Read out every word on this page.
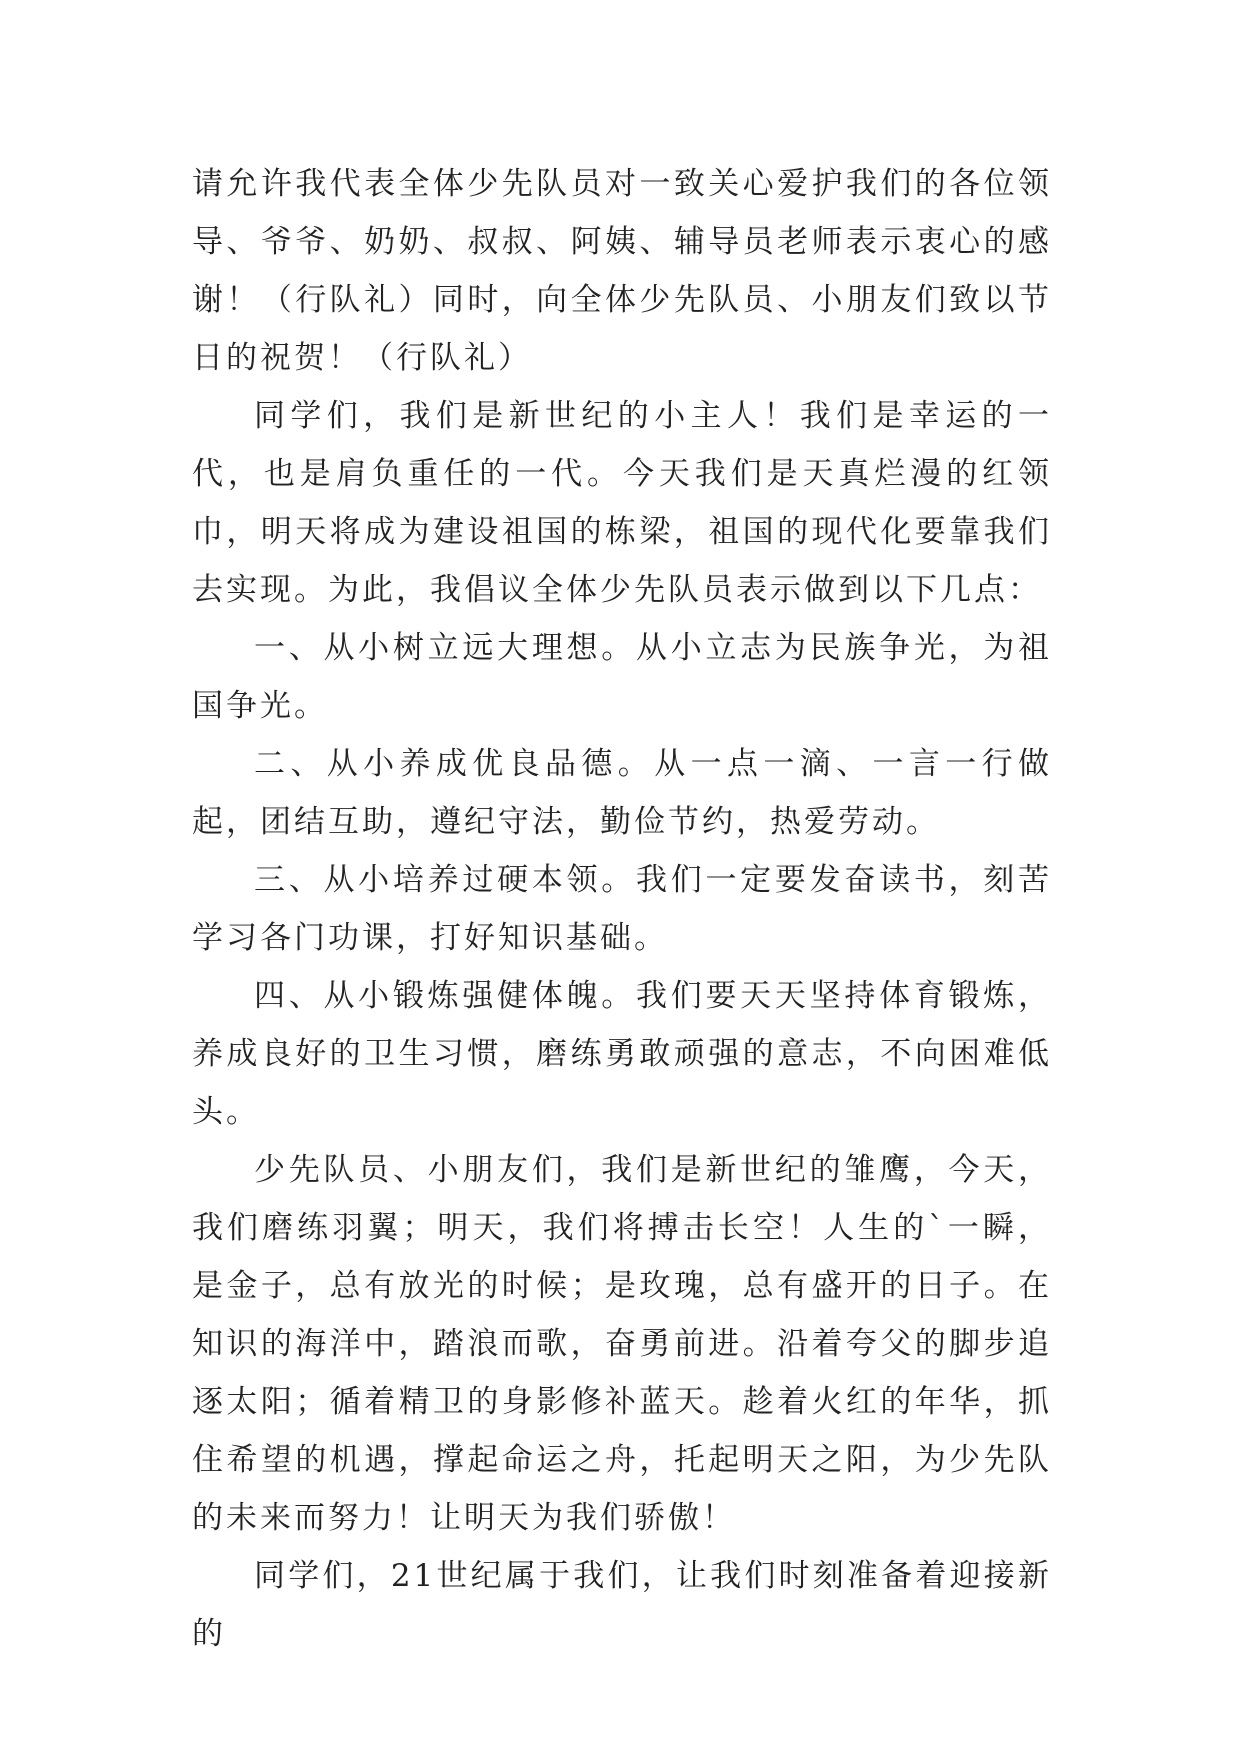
请允许我代表全体少先队员对一致关心爱护我们的各位领导、爷爷、奶奶、叔叔、阿姨、辅导员老师表示衷心的感谢！（行队礼）同时，向全体少先队员、小朋友们致以节日的祝贺！（行队礼）

同学们，我们是新世纪的小主人！我们是幸运的一代，也是肩负重任的一代。今天我们是天真烂漫的红领巾，明天将成为建设祖国的栋梁，祖国的现代化要靠我们去实现。为此，我倡议全体少先队员表示做到以下几点：

一、从小树立远大理想。从小立志为民族争光，为祖国争光。

二、从小养成优良品德。从一点一滴、一言一行做起，团结互助，遵纪守法，勤俭节约，热爱劳动。

三、从小培养过硬本领。我们一定要发奋读书，刻苦学习各门功课，打好知识基础。

四、从小锻炼强健体魄。我们要天天坚持体育锻炼，养成良好的卫生习惯，磨练勇敢顽强的意志，不向困难低头。

少先队员、小朋友们，我们是新世纪的雏鹰，今天，我们磨练羽翼；明天，我们将搏击长空！人生的`一瞬，是金子，总有放光的时候；是玫瑰，总有盛开的日子。在知识的海洋中，踏浪而歌，奋勇前进。沿着夸父的脚步追逐太阳；循着精卫的身影修补蓝天。趁着火红的年华，抓住希望的机遇，撑起命运之舟，托起明天之阳，为少先队的未来而努力！让明天为我们骄傲！

同学们，21世纪属于我们，让我们时刻准备着迎接新的
